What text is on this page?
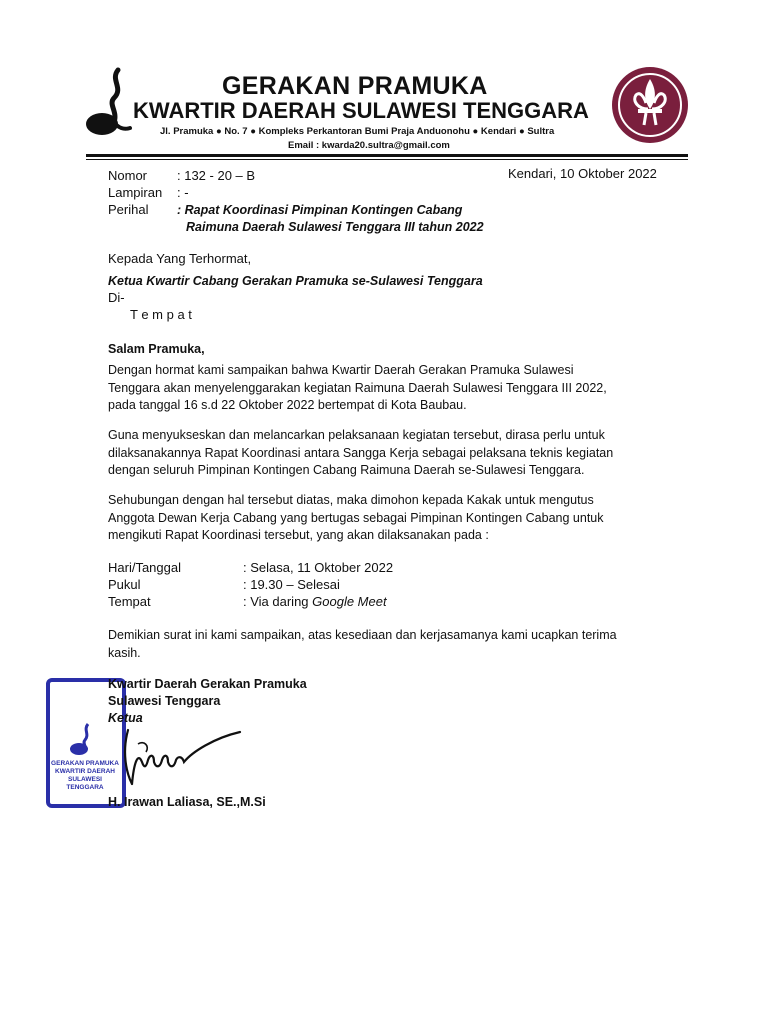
GERAKAN PRAMUKA
KWARTIR DAERAH SULAWESI TENGGARA
Jl. Pramuka ● No. 7 ● Kompleks Perkantoran Bumi Praja Anduonohu ● Kendari ● Sultra
Email : kwarda20.sultra@gmail.com
Nomor : 132 - 20 – B	Kendari, 10 Oktober 2022
Lampiran : -
Perihal : Rapat Koordinasi Pimpinan Kontingen Cabang
Raimuna Daerah Sulawesi Tenggara III tahun 2022
Kepada Yang Terhormat,
Ketua Kwartir Cabang Gerakan Pramuka se-Sulawesi Tenggara
Di-
T e m p a t
Salam Pramuka,
Dengan hormat kami sampaikan bahwa Kwartir Daerah Gerakan Pramuka Sulawesi
Tenggara akan menyelenggarakan kegiatan Raimuna Daerah Sulawesi Tenggara III 2022,
pada tanggal 16 s.d 22 Oktober 2022 bertempat di Kota Baubau.
Guna menyukseskan dan melancarkan pelaksanaan kegiatan tersebut, dirasa perlu untuk
dilaksanakannya Rapat Koordinasi antara Sangga Kerja sebagai pelaksana teknis kegiatan
dengan seluruh Pimpinan Kontingen Cabang Raimuna Daerah se-Sulawesi Tenggara.
Sehubungan dengan hal tersebut diatas, maka dimohon kepada Kakak untuk mengutus
Anggota Dewan Kerja Cabang yang bertugas sebagai Pimpinan Kontingen Cabang untuk
mengikuti Rapat Koordinasi tersebut, yang akan dilaksanakan pada :
Hari/Tanggal	: Selasa, 11 Oktober 2022
Pukul	: 19.30 – Selesai
Tempat	: Via daring Google Meet
Demikian surat ini kami sampaikan, atas kesediaan dan kerjasamanya kami ucapkan terima
kasih.
GERAKAN PRAMUKA
KWARTIR DAERAH
SULAWESI TENGGARA
Kwartir Daerah Gerakan Pramuka
Sulawesi Tenggara
Ketua
H. Irawan Laliasa, SE.,M.Si
